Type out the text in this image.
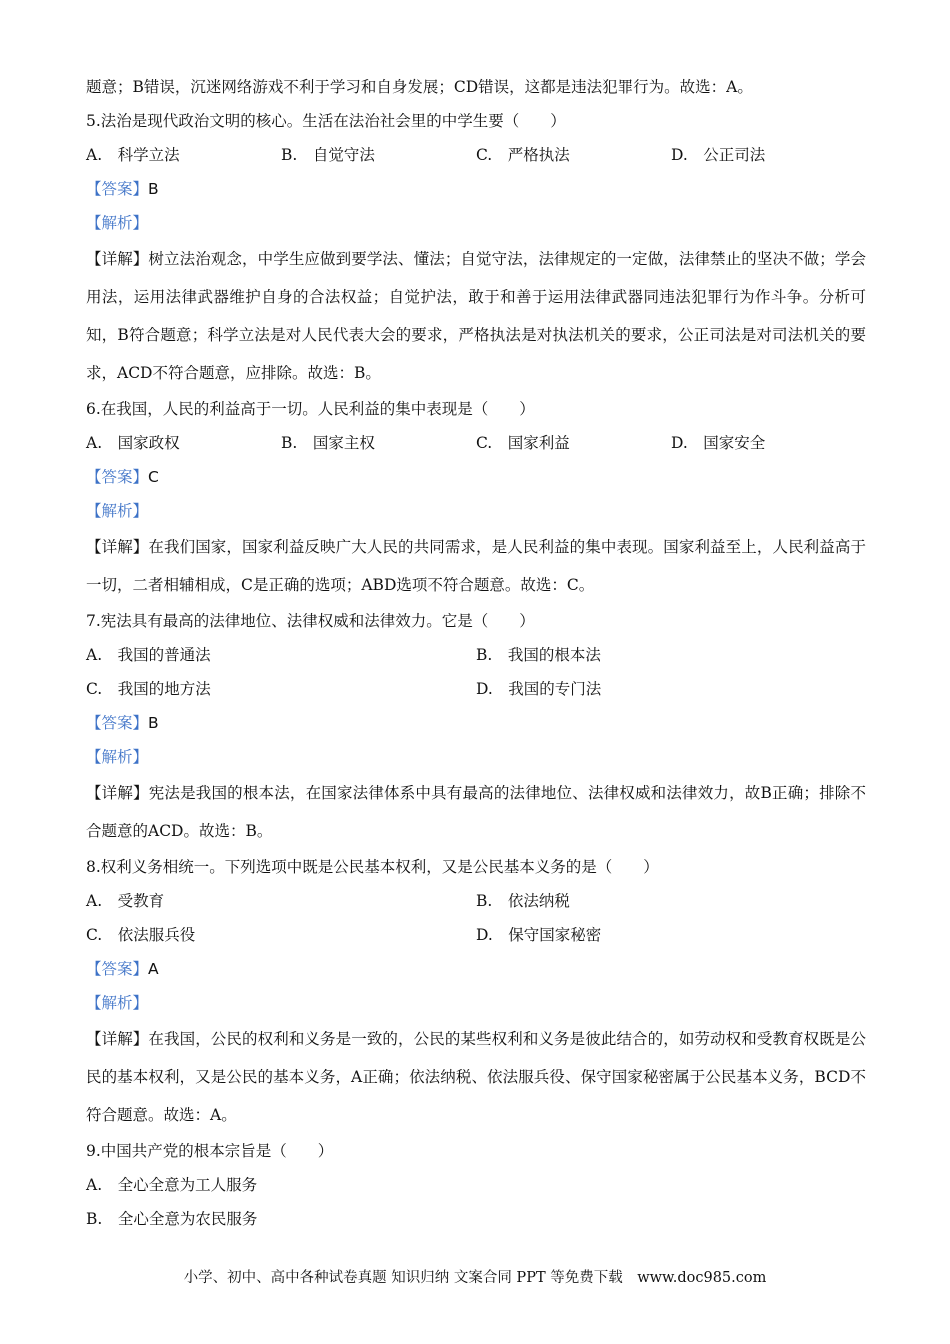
题意；B错误，沉迷网络游戏不利于学习和自身发展；CD错误，这都是违法犯罪行为。故选：A。
5.法治是现代政治文明的核心。生活在法治社会里的中学生要（　　）
A.　科学立法	B.　自觉守法	C.　严格执法	D.　公正司法
【答案】B
【解析】
【详解】树立法治观念，中学生应做到要学法、懂法；自觉守法，法律规定的一定做，法律禁止的坚决不做；学会用法，运用法律武器维护自身的合法权益；自觉护法，敢于和善于运用法律武器同违法犯罪行为作斗争。分析可知，B符合题意；科学立法是对人民代表大会的要求，严格执法是对执法机关的要求，公正司法是对司法机关的要求，ACD不符合题意，应排除。故选：B。
6.在我国，人民的利益高于一切。人民利益的集中表现是（　　）
A.　国家政权	B.　国家主权	C.　国家利益	D.　国家安全
【答案】C
【解析】
【详解】在我们国家，国家利益反映广大人民的共同需求，是人民利益的集中表现。国家利益至上，人民利益高于一切，二者相辅相成，C是正确的选项；ABD选项不符合题意。故选：C。
7.宪法具有最高的法律地位、法律权威和法律效力。它是（　　）
A.　我国的普通法	B.　我国的根本法
C.　我国的地方法	D.　我国的专门法
【答案】B
【解析】
【详解】宪法是我国的根本法，在国家法律体系中具有最高的法律地位、法律权威和法律效力，故B正确；排除不合题意的ACD。故选：B。
8.权利义务相统一。下列选项中既是公民基本权利，又是公民基本义务的是（　　）
A.　受教育	B.　依法纳税
C.　依法服兵役	D.　保守国家秘密
【答案】A
【解析】
【详解】在我国，公民的权利和义务是一致的，公民的某些权利和义务是彼此结合的，如劳动权和受教育权既是公民的基本权利，又是公民的基本义务，A正确；依法纳税、依法服兵役、保守国家秘密属于公民基本义务，BCD不符合题意。故选：A。
9.中国共产党的根本宗旨是（　　）
A.　全心全意为工人服务
B.　全心全意为农民服务
小学、初中、高中各种试卷真题 知识归纳 文案合同 PPT 等免费下载　www.doc985.com
